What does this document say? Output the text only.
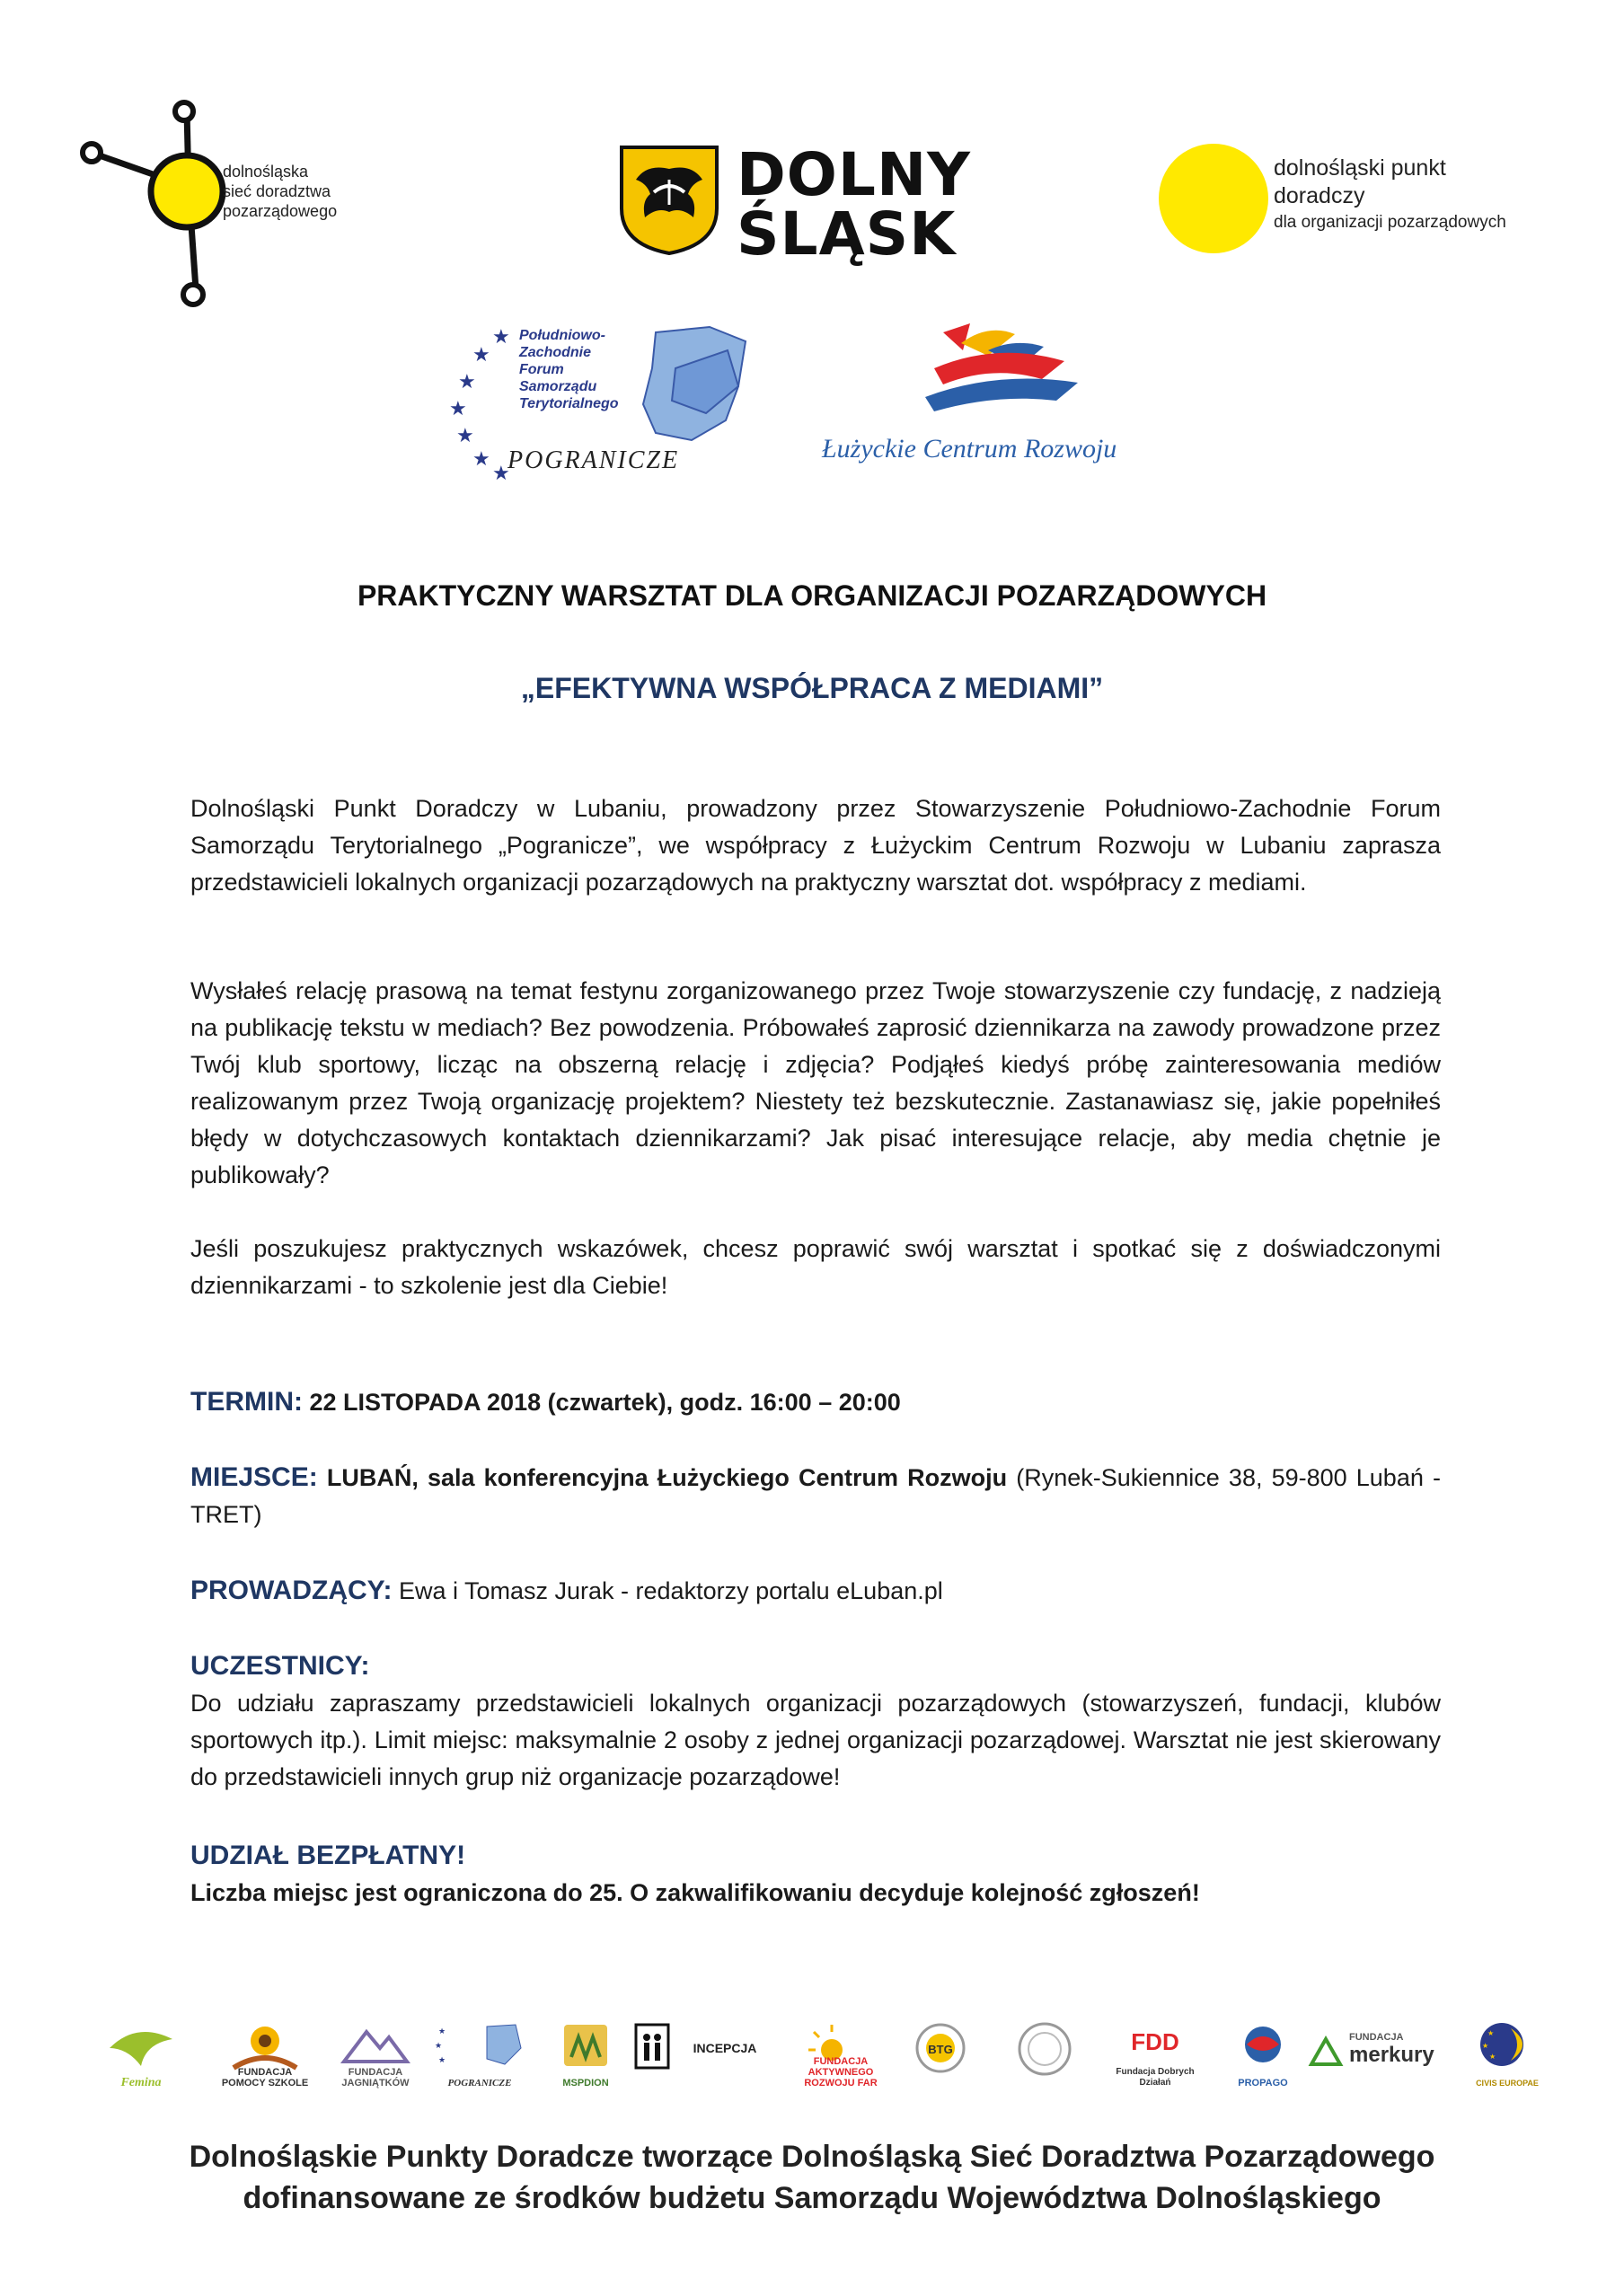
dolnośląska
sieć doradztwa
pozarządowego
DOLNY
ŚLĄSK
dolnośląski punkt
doradczy
dla organizacji pozarządowych
.
★
★
★
★
★
★
★
Południowo-
Zachodnie
Forum
Samorządu
Terytorialnego
POGRANICZE	Łużyckie Centrum Rozwoju
PRAKTYCZNY WARSZTAT DLA ORGANIZACJI POZARZĄDOWYCH
„EFEKTYWNA WSPÓŁPRACA Z MEDIAMI”
Dolnośląski Punkt Doradczy w Lubaniu, prowadzony przez Stowarzyszenie Południowo-Zachodnie Forum Samorządu Terytorialnego „Pogranicze”, we współpracy z Łużyckim Centrum Rozwoju w Lubaniu zaprasza przedstawicieli lokalnych organizacji pozarządowych na praktyczny warsztat dot. współpracy z mediami.
Wysłałeś relację prasową na temat festynu zorganizowanego przez Twoje stowarzyszenie czy fundację, z nadzieją na publikację tekstu w mediach? Bez powodzenia. Próbowałeś zaprosić dziennikarza na zawody prowadzone przez Twój klub sportowy, licząc na obszerną relację i zdjęcia? Podjąłeś kiedyś próbę zainteresowania mediów realizowanym przez Twoją organizację projektem? Niestety też bezskutecznie. Zastanawiasz się, jakie popełniłeś błędy w dotychczasowych kontaktach dziennikarzami? Jak pisać interesujące relacje, aby media chętnie je publikowały?
Jeśli poszukujesz praktycznych wskazówek, chcesz poprawić swój warsztat i spotkać się z doświadczonymi dziennikarzami - to szkolenie jest dla Ciebie!
TERMIN: 22 LISTOPADA 2018 (czwartek), godz. 16:00 – 20:00
MIEJSCE: LUBAŃ, sala konferencyjna Łużyckiego Centrum Rozwoju (Rynek-Sukiennice 38, 59-800 Lubań - TRET)
PROWADZĄCY: Ewa i Tomasz Jurak - redaktorzy portalu eLuban.pl
UCZESTNICY:
Do udziału zapraszamy przedstawicieli lokalnych organizacji pozarządowych (stowarzyszeń, fundacji, klubów sportowych itp.). Limit miejsc: maksymalnie 2 osoby z jednej organizacji pozarządowej. Warsztat nie jest skierowany do przedstawicieli innych grup niż organizacje pozarządowe!
UDZIAŁ BEZPŁATNY!
Liczba miejsc jest ograniczona do 25. O zakwalifikowaniu decyduje kolejność zgłoszeń!
Femina
FUNDACJA POMOCY SZKOLE
FUNDACJA JAGNIĄTKÓW
★
★
★
POGRANICZE	MSPDION
INCEPCJA
FUNDACJA AKTYWNEGO ROZWOJU FAR
BTG	FDD
Fundacja Dobrych Działań	PROPAGO
FUNDACJA
merkury
★
★
★
CIVIS EUROPAE
Dolnośląskie Punkty Doradcze tworzące Dolnośląską Sieć Doradztwa Pozarządowego
dofinansowane ze środków budżetu Samorządu Województwa Dolnośląskiego
